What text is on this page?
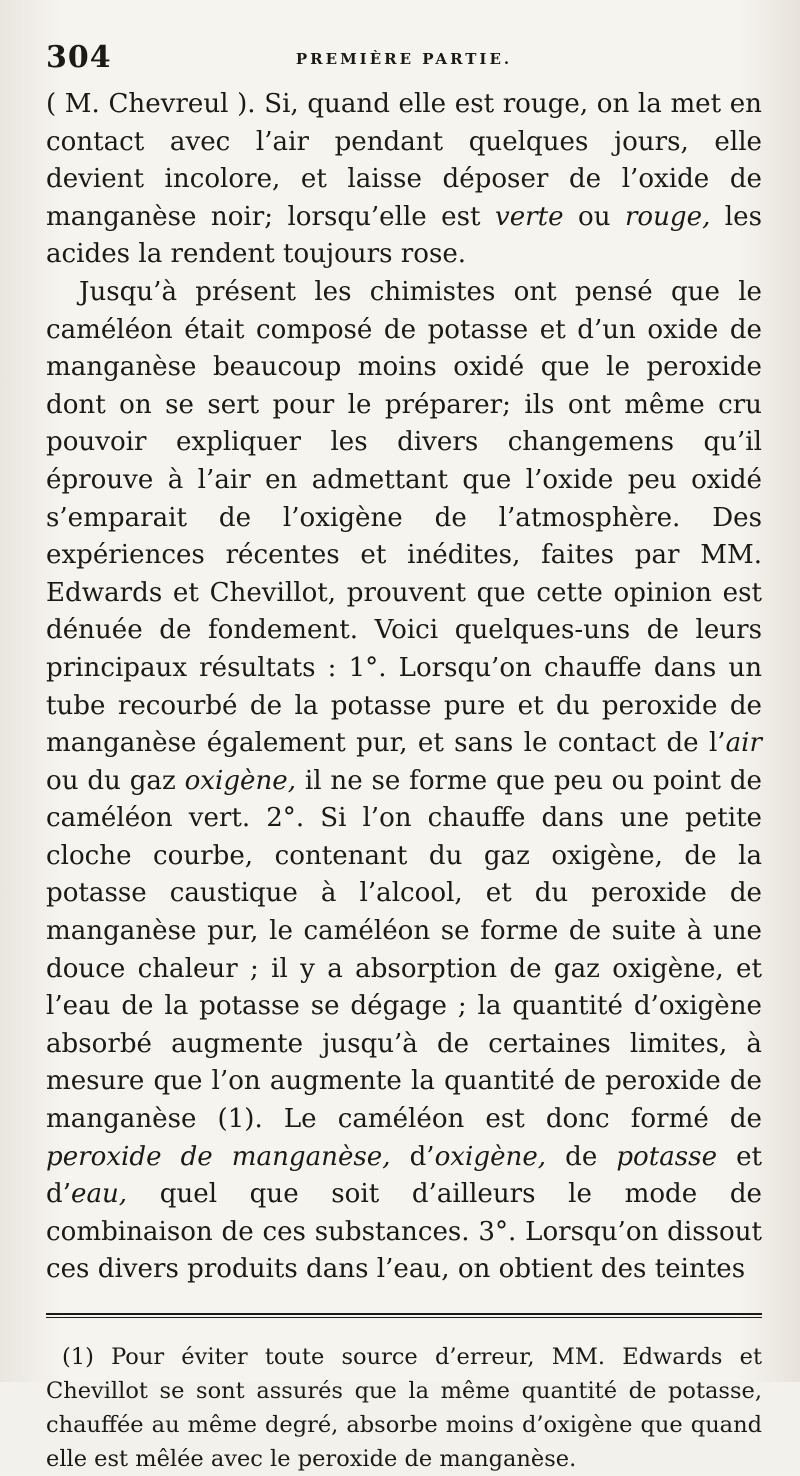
304	PREMIÈRE PARTIE.

( M. Chevreul ). Si, quand elle est rouge, on la met en contact avec l’air pendant quelques jours, elle devient incolore, et laisse déposer de l’oxide de manganèse noir; lorsqu’elle est verte ou rouge, les acides la rendent toujours rose.

Jusqu’à présent les chimistes ont pensé que le caméléon était composé de potasse et d’un oxide de manganèse beaucoup moins oxidé que le peroxide dont on se sert pour le préparer; ils ont même cru pouvoir expliquer les divers changemens qu’il éprouve à l’air en admettant que l’oxide peu oxidé s’emparait de l’oxigène de l’atmosphère. Des expériences récentes et inédites, faites par MM. Edwards et Chevillot, prouvent que cette opinion est dénuée de fondement. Voici quelques-uns de leurs principaux résultats : 1°. Lorsqu’on chauffe dans un tube recourbé de la potasse pure et du peroxide de manganèse également pur, et sans le contact de l’air ou du gaz oxigène, il ne se forme que peu ou point de caméléon vert. 2°. Si l’on chauffe dans une petite cloche courbe, contenant du gaz oxigène, de la potasse caustique à l’alcool, et du peroxide de manganèse pur, le caméléon se forme de suite à une douce chaleur ; il y a absorption de gaz oxigène, et l’eau de la potasse se dégage ; la quantité d’oxigène absorbé augmente jusqu’à de certaines limites, à mesure que l’on augmente la quantité de peroxide de manganèse (1). Le caméléon est donc formé de peroxide de manganèse, d’oxigène, de potasse et d’eau, quel que soit d’ailleurs le mode de combinaison de ces substances. 3°. Lorsqu’on dissout ces divers produits dans l’eau, on obtient des teintes

(1) Pour éviter toute source d’erreur, MM. Edwards et Chevillot se sont assurés que la même quantité de potasse, chauffée au même degré, absorbe moins d’oxigène que quand elle est mêlée avec le peroxide de manganèse.
